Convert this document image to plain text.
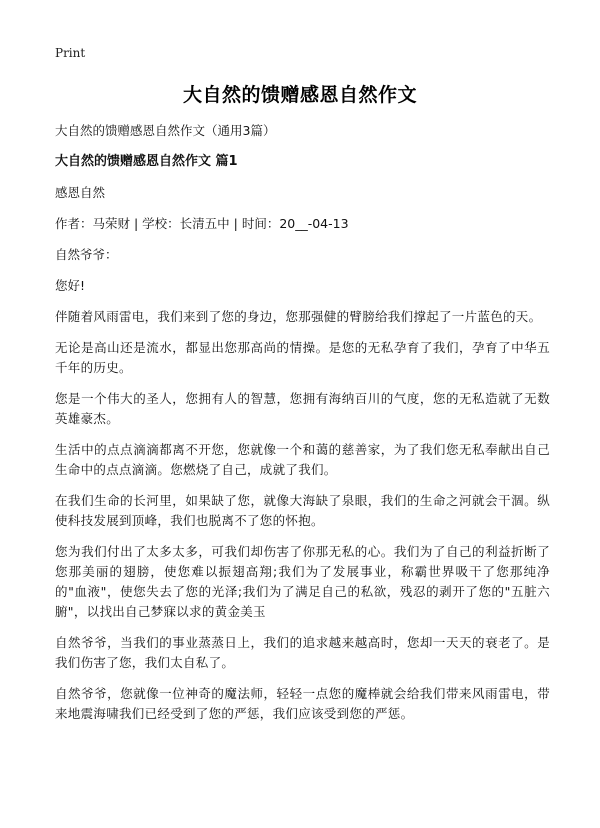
Print
大自然的馈赠感恩自然作文

大自然的馈赠感恩自然作文（通用3篇）

大自然的馈赠感恩自然作文 篇1

感恩自然

作者：马荣财 | 学校：长清五中 | 时间：20__-04-13

自然爷爷：

您好!

伴随着风雨雷电，我们来到了您的身边，您那强健的臂膀给我们撑起了一片蓝色的天。

无论是高山还是流水，都显出您那高尚的情操。是您的无私孕育了我们，孕育了中华五千年的历史。

您是一个伟大的圣人，您拥有人的智慧，您拥有海纳百川的气度，您的无私造就了无数英雄豪杰。

生活中的点点滴滴都离不开您，您就像一个和蔼的慈善家，为了我们您无私奉献出自己生命中的点点滴滴。您燃烧了自己，成就了我们。

在我们生命的长河里，如果缺了您，就像大海缺了泉眼，我们的生命之河就会干涸。纵使科技发展到顶峰，我们也脱离不了您的怀抱。

您为我们付出了太多太多，可我们却伤害了你那无私的心。我们为了自己的利益折断了您那美丽的翅膀，使您难以振翅高翔;我们为了发展事业，称霸世界吸干了您那纯净的"血液"，使您失去了您的光泽;我们为了满足自己的私欲，残忍的剥开了您的"五脏六腑"，以找出自己梦寐以求的黄金美玉

自然爷爷，当我们的事业蒸蒸日上，我们的追求越来越高时，您却一天天的衰老了。是我们伤害了您，我们太自私了。

自然爷爷，您就像一位神奇的魔法师，轻轻一点您的魔棒就会给我们带来风雨雷电，带来地震海啸我们已经受到了您的严惩，我们应该受到您的严惩。
